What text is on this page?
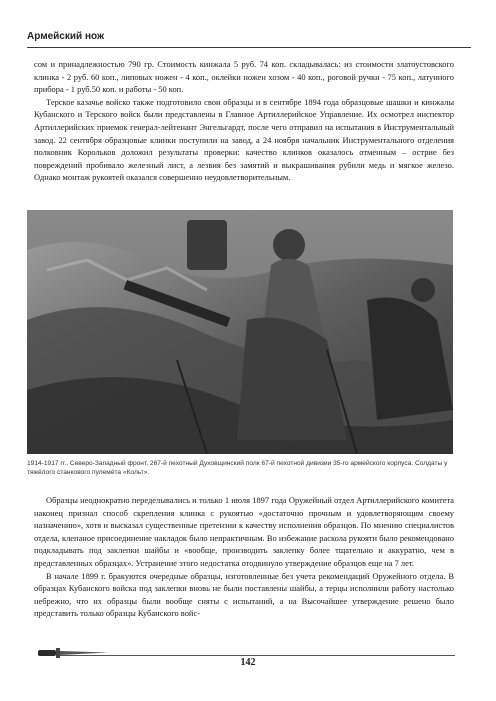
Армейский нож

сом и принадлежностью 790 гр. Стоимость кинжала 5 руб. 74 коп. складывалась: из стоимости златоустовского клинка - 2 руб. 60 коп., липовых ножен - 4 коп., оклейки ножен хозом - 40 коп., роговой ручки - 75 коп., латунного прибора - 1 руб.50 коп. и работы - 50 коп.

Терское казачье войско также подготовило свои образцы и в сентябре 1894 года образцовые шашки и кинжалы Кубанского и Терского войск были представлены в Главное Артиллерийское Управление. Их осмотрел инспектор Артиллерийских приемок генерал-лейтенант Энгельгардт, после чего отправил на испытания в Инструментальный завод. 22 сентября образцовые клинки поступили на завод, а 24 ноября начальник Инструментального отделения полковник Корольков доложил результаты проверки: качество клинков оказалось отменным – острие без повреждений пробивало железный лист, а лезвия без замятий и выкрашивания рубили медь и мягкое железо. Однако монтаж рукоятей оказался совершенно неудовлетворительным.

1914-1917 гг., Северо-Западный фронт, 267-й пехотный Духовщинский полк 67-й пехотной дивизии 35-го армейского корпуса. Солдаты у тяжёлого станкового пулемёта «Кольт».

Образцы неоднократно переделывались и только 1 июля 1897 года Оружейный отдел Артиллерийского комитета наконец признал способ скрепления клинка с рукоятью «достаточно прочным и удовлетворяющим своему назначению», хотя и высказал существенные претензии к качеству исполнения образцов. По мнению специалистов отдела, клепаное присоединение накладок было непрактичным. Во избежание раскола рукояти было рекомендовано подкладывать под заклепки шайбы и «вообще, производить заклепку более тщательно и аккуратно, чем в представленных образцах». Устранение этого недостатка отодвинуло утверждение образцов еще на 7 лет.

В начале 1899 г. бракуются очередные образцы, изготовленные без учета рекомендаций Оружейного отдела. В образцах Кубанского войска под заклепки вновь не были поставлены шайбы, а терцы исполнили работу настолько небрежно, что их образцы были вообще сняты с испытаний, а на Высочайшее утверждение решено было представить только образцы Кубанского войс-

142
